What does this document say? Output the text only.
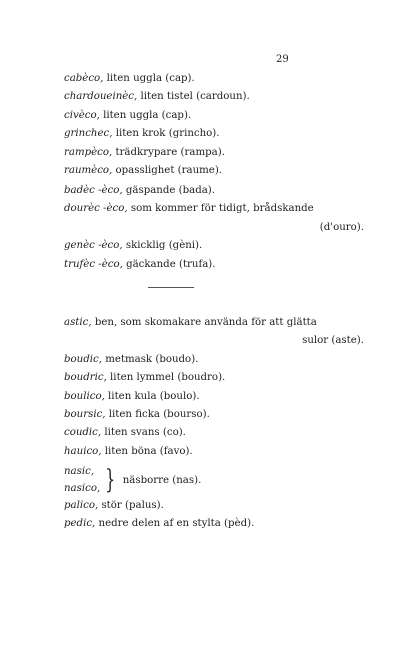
29
cabèco, liten uggla (cap).
chardoueinèc, liten tistel (cardoun).
civèco, liten uggla (cap).
grinchec, liten krok (grincho).
rampèco, trädkrypare (rampa).
raumèco, opasslighet (raume).
badèc -èco, gäspande (bada).
dourèc -èco, som kommer för tidigt, brådskande
(d'ouro).
genèc -èco, skicklig (gèni).
trufèc -èco, gäckande (trufa).
astic, ben, som skomakare använda för att glätta
sulor (aste).
boudic, metmask (boudo).
boudric, liten lymmel (boudro).
boulico, liten kula (boulo).
boursic, liten ficka (bourso).
coudic, liten svans (co).
hauico, liten böna (favo).
nasic,
nasico, } näsborre (nas).
palico, stör (palus).
pedic, nedre delen af en stylta (pèd).
